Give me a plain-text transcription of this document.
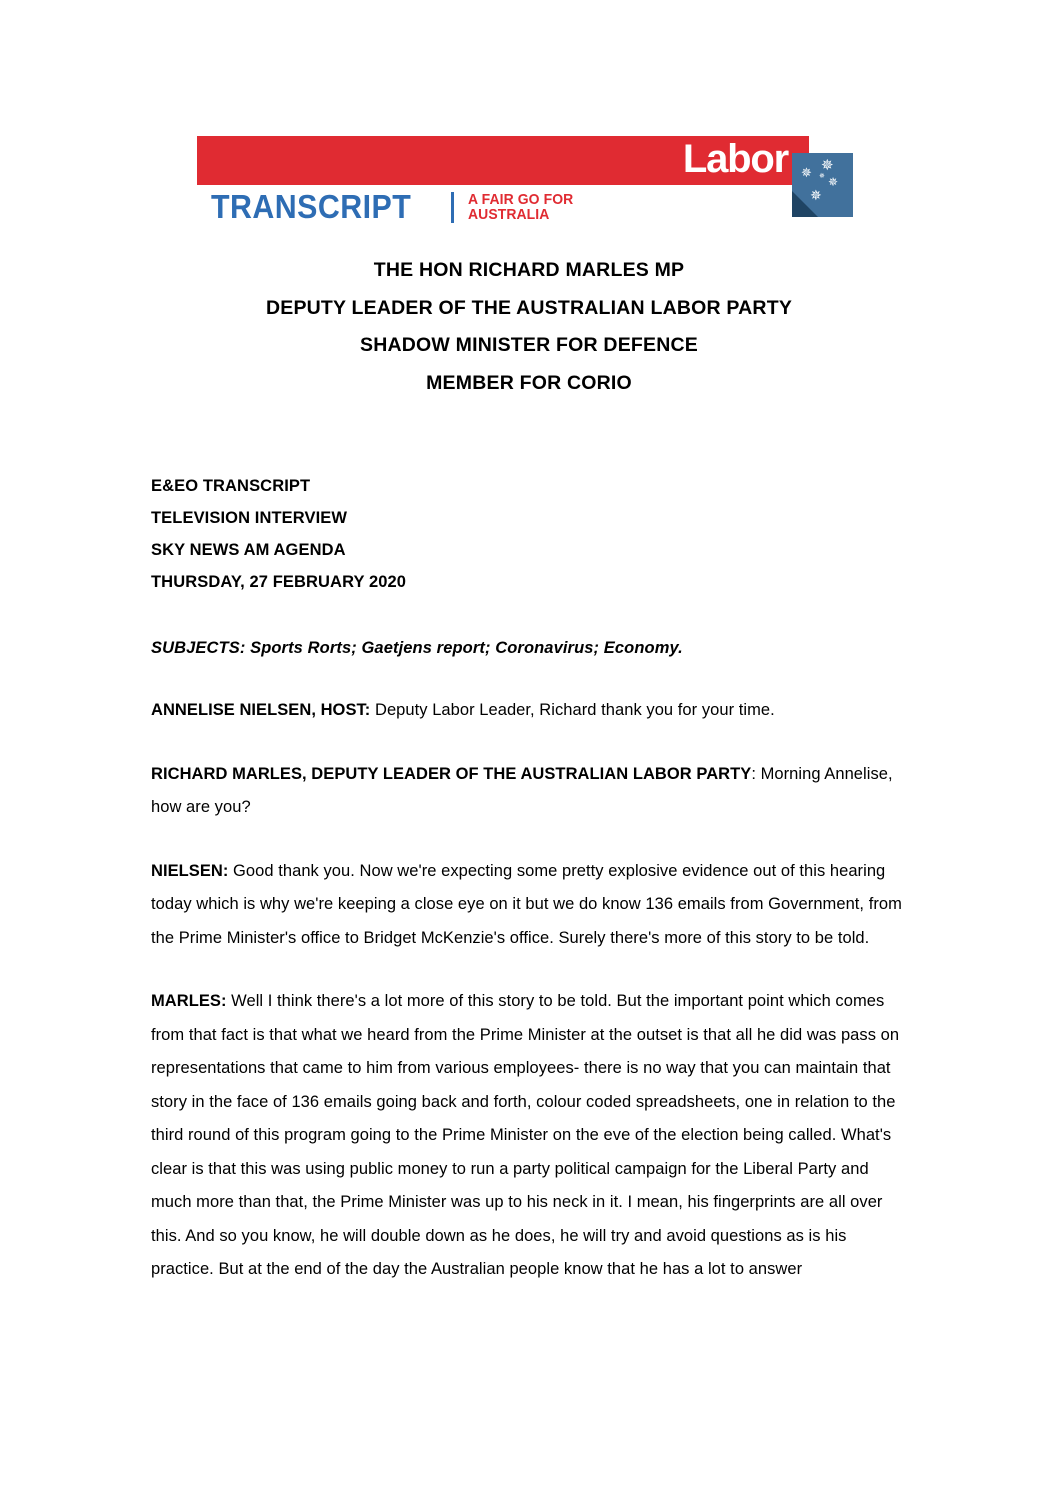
Labor ✵ ✵
✵
✵
✵
TRANSCRIPT	A FAIR GO FOR
AUSTRALIA
THE HON RICHARD MARLES MP
DEPUTY LEADER OF THE AUSTRALIAN LABOR PARTY
SHADOW MINISTER FOR DEFENCE
MEMBER FOR CORIO
E&EO TRANSCRIPT
TELEVISION INTERVIEW
SKY NEWS AM AGENDA
THURSDAY, 27 FEBRUARY 2020
SUBJECTS: Sports Rorts; Gaetjens report; Coronavirus; Economy.
ANNELISE NIELSEN, HOST: Deputy Labor Leader, Richard thank you for your time.
RICHARD MARLES, DEPUTY LEADER OF THE AUSTRALIAN LABOR PARTY: Morning Annelise, how are you?
NIELSEN: Good thank you. Now we're expecting some pretty explosive evidence out of this hearing today which is why we're keeping a close eye on it but we do know 136 emails from Government, from the Prime Minister's office to Bridget McKenzie's office. Surely there's more of this story to be told.
MARLES: Well I think there's a lot more of this story to be told. But the important point which comes from that fact is that what we heard from the Prime Minister at the outset is that all he did was pass on representations that came to him from various employees- there is no way that you can maintain that story in the face of 136 emails going back and forth, colour coded spreadsheets, one in relation to the third round of this program going to the Prime Minister on the eve of the election being called. What's clear is that this was using public money to run a party political campaign for the Liberal Party and much more than that, the Prime Minister was up to his neck in it. I mean, his fingerprints are all over this. And so you know, he will double down as he does, he will try and avoid questions as is his practice. But at the end of the day the Australian people know that he has a lot to answer
